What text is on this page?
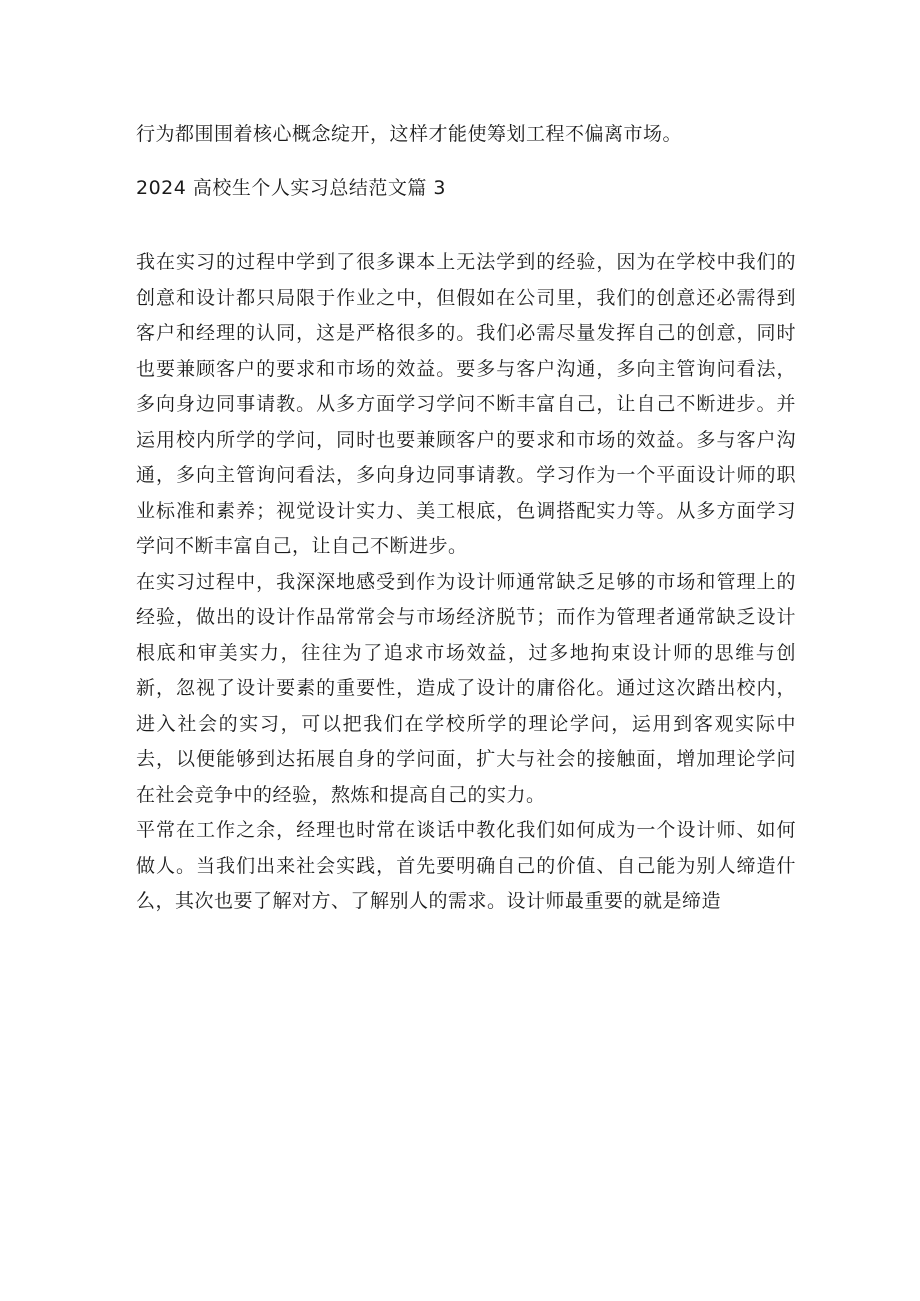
行为都围围着核心概念绽开，这样才能使筹划工程不偏离市场。

2024 高校生个人实习总结范文篇 3

我在实习的过程中学到了很多课本上无法学到的经验，因为在学校中我们的创意和设计都只局限于作业之中，但假如在公司里，我们的创意还必需得到客户和经理的认同，这是严格很多的。我们必需尽量发挥自己的创意，同时也要兼顾客户的要求和市场的效益。要多与客户沟通，多向主管询问看法，多向身边同事请教。从多方面学习学问不断丰富自己，让自己不断进步。并运用校内所学的学问，同时也要兼顾客户的要求和市场的效益。多与客户沟通，多向主管询问看法，多向身边同事请教。学习作为一个平面设计师的职业标准和素养；视觉设计实力、美工根底，色调搭配实力等。从多方面学习学问不断丰富自己，让自己不断进步。

在实习过程中，我深深地感受到作为设计师通常缺乏足够的市场和管理上的经验，做出的设计作品常常会与市场经济脱节；而作为管理者通常缺乏设计根底和审美实力，往往为了追求市场效益，过多地拘束设计师的思维与创新，忽视了设计要素的重要性，造成了设计的庸俗化。通过这次踏出校内，进入社会的实习，可以把我们在学校所学的理论学问，运用到客观实际中去，以便能够到达拓展自身的学问面，扩大与社会的接触面，增加理论学问在社会竞争中的经验，熬炼和提高自己的实力。

平常在工作之余，经理也时常在谈话中教化我们如何成为一个设计师、如何做人。当我们出来社会实践，首先要明确自己的价值、自己能为别人缔造什么，其次也要了解对方、了解别人的需求。设计师最重要的就是缔造
